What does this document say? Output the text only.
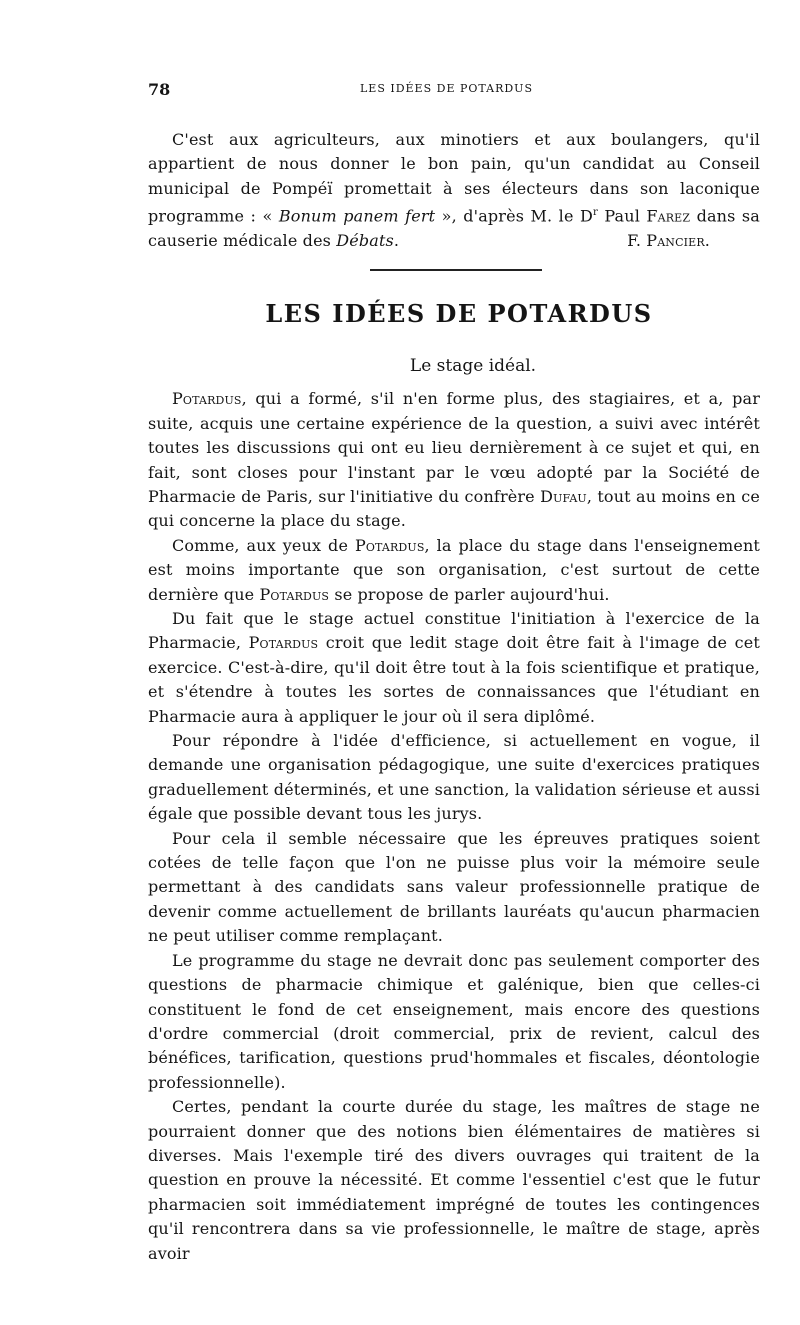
78	LES IDÉES DE POTARDUS

C'est aux agriculteurs, aux minotiers et aux boulangers, qu'il appartient de nous donner le bon pain, qu'un candidat au Conseil municipal de Pompéï promettait à ses électeurs dans son laconique programme : « Bonum panem fert », d'après M. le $D^r$ Paul Farez dans sa causerie médicale des Débats.	F. Pancier.

LES IDÉES DE POTARDUS
Le stage idéal.

Potardus, qui a formé, s'il n'en forme plus, des stagiaires, et a, par suite, acquis une certaine expérience de la question, a suivi avec intérêt toutes les discussions qui ont eu lieu dernièrement à ce sujet et qui, en fait, sont closes pour l'instant par le vœu adopté par la Société de Pharmacie de Paris, sur l'initiative du confrère Dufau, tout au moins en ce qui concerne la place du stage.

Comme, aux yeux de Potardus, la place du stage dans l'enseignement est moins importante que son organisation, c'est surtout de cette dernière que Potardus se propose de parler aujourd'hui.

Du fait que le stage actuel constitue l'initiation à l'exercice de la Pharmacie, Potardus croit que ledit stage doit être fait à l'image de cet exercice. C'est-à-dire, qu'il doit être tout à la fois scientifique et pratique, et s'étendre à toutes les sortes de connaissances que l'étudiant en Pharmacie aura à appliquer le jour où il sera diplômé.

Pour répondre à l'idée d'efficience, si actuellement en vogue, il demande une organisation pédagogique, une suite d'exercices pratiques graduellement déterminés, et une sanction, la validation sérieuse et aussi égale que possible devant tous les jurys.

Pour cela il semble nécessaire que les épreuves pratiques soient cotées de telle façon que l'on ne puisse plus voir la mémoire seule permettant à des candidats sans valeur professionnelle pratique de devenir comme actuellement de brillants lauréats qu'aucun pharmacien ne peut utiliser comme remplaçant.

Le programme du stage ne devrait donc pas seulement comporter des questions de pharmacie chimique et galénique, bien que celles-ci constituent le fond de cet enseignement, mais encore des questions d'ordre commercial (droit commercial, prix de revient, calcul des bénéfices, tarification, questions prud'hommales et fiscales, déontologie professionnelle).

Certes, pendant la courte durée du stage, les maîtres de stage ne pourraient donner que des notions bien élémentaires de matières si diverses. Mais l'exemple tiré des divers ouvrages qui traitent de la question en prouve la nécessité. Et comme l'essentiel c'est que le futur pharmacien soit immédiatement imprégné de toutes les contingences qu'il rencontrera dans sa vie professionnelle, le maître de stage, après avoir
